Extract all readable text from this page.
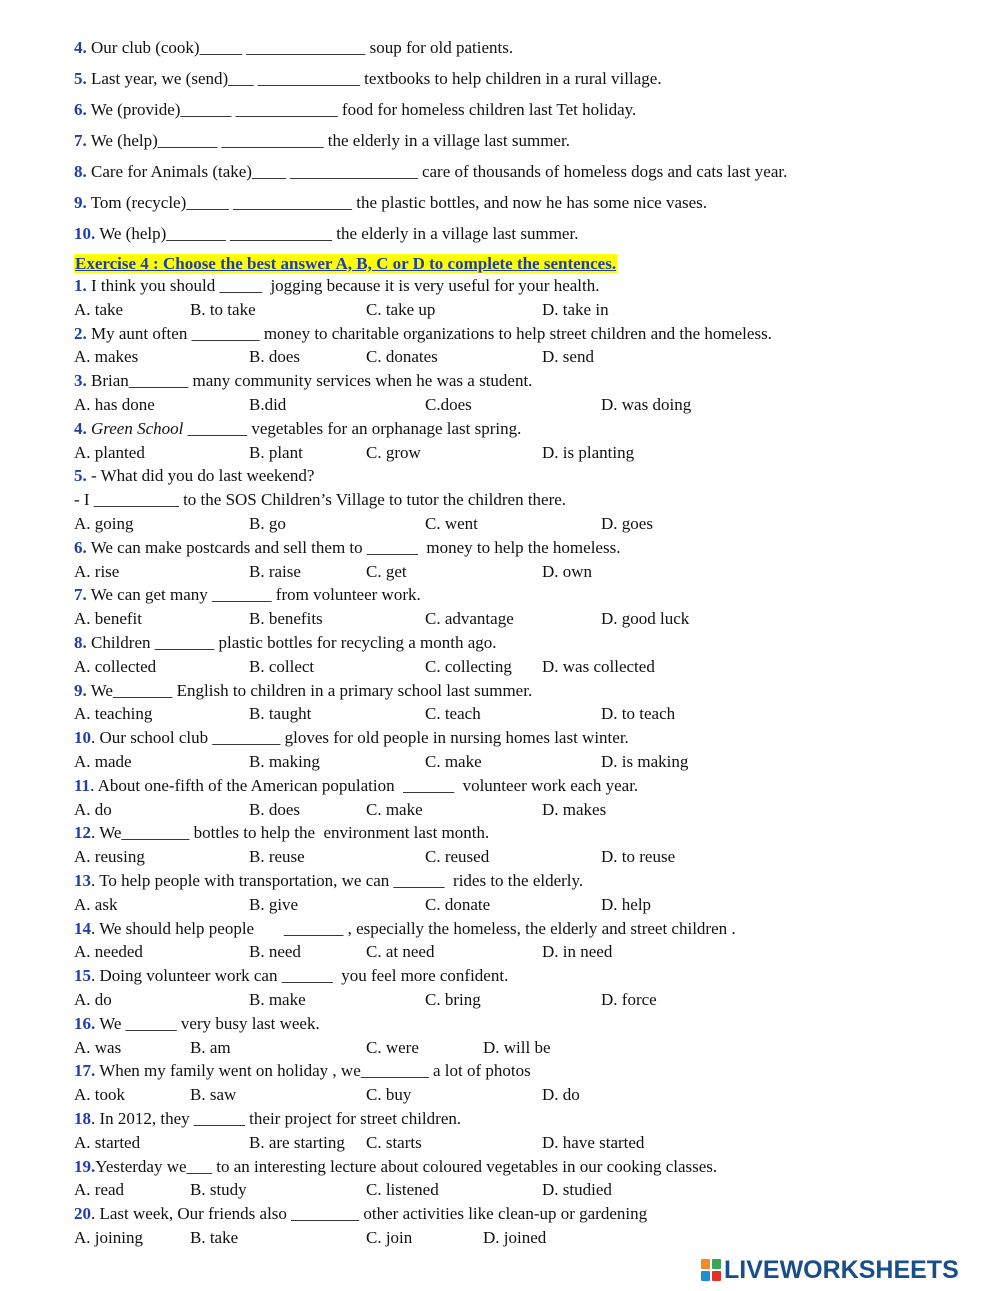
4. Our club (cook)_____ ______________ soup for old patients.
5. Last year, we (send)___ ____________ textbooks to help children in a rural village.
6. We (provide)______ ____________ food for homeless children last Tet holiday.
7. We (help)_______ ____________ the elderly in a village last summer.
8. Care for Animals (take)____ _______________ care of thousands of homeless dogs and cats last year.
9. Tom (recycle)_____ ______________ the plastic bottles, and now he has some nice vases.
10. We (help)_______ ____________ the elderly in a village last summer.
Exercise 4 : Choose the best answer A, B, C or D to complete the sentences.
1. I think you should _____  jogging because it is very useful for your health.
A. take	B. to take	C. take up	D. take in
2. My aunt often ________ money to charitable organizations to help street children and the homeless.
A. makes	B. does	C. donates	D. send
3. Brian_______ many community services when he was a student.
A. has done	B.did	C.does	D. was doing
4. Green School _______ vegetables for an orphanage last spring.
A. planted	B. plant	C. grow	D. is planting
5. - What did you do last weekend?
- I __________ to the SOS Children’s Village to tutor the children there.
A. going	B. go	C. went	D. goes
6. We can make postcards and sell them to ______  money to help the homeless.
A. rise	B. raise	C. get	D. own
7. We can get many _______ from volunteer work.
A. benefit	B. benefits	C. advantage	D. good luck
8. Children _______ plastic bottles for recycling a month ago.
A. collected	B. collect	C. collecting D. was collected
9. We_______ English to children in a primary school last summer.
A. teaching	B. taught	C. teach	D. to teach
10. Our school club ________ gloves for old people in nursing homes last winter.
A. made	B. making	C. make	D. is making
11. About one-fifth of the American population  ______  volunteer work each year.
A. do	B. does	C. make	D. makes
12. We________ bottles to help the  environment last month.
A. reusing	B. reuse	C. reused	D. to reuse
13. To help people with transportation, we can ______  rides to the elderly.
A. ask	B. give	C. donate	D. help
14. We should help people       _______ , especially the homeless, the elderly and street children .
A. needed	B. need	C. at need	D. in need
15. Doing volunteer work can ______  you feel more confident.
A. do	B. make	C. bring	D. force
16. We ______ very busy last week.
A. was	B. am	C. were	D. will be
17. When my family went on holiday , we________ a lot of photos
A. took	B. saw	C. buy	D. do
18. In 2012, they ______ their project for street children.
A. started	B. are starting C. starts	D. have started
19.Yesterday we___ to an interesting lecture about coloured vegetables in our cooking classes.
A. read	B. study	C. listened	D. studied
20. Last week, Our friends also ________ other activities like clean-up or gardening
A. joining	B. take	C. join	D. joined
LIVEWORKSHEETS
